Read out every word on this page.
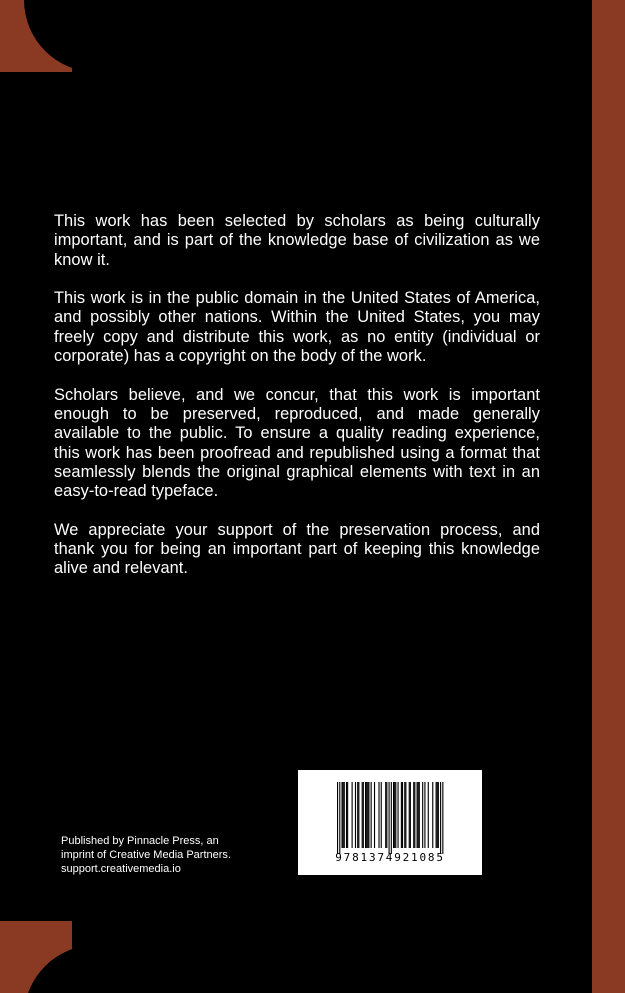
This work has been selected by scholars as being culturally important, and is part of the knowledge base of civilization as we know it.

This work is in the public domain in the United States of America, and possibly other nations. Within the United States, you may freely copy and distribute this work, as no entity (individual or corporate) has a copyright on the body of the work.

Scholars believe, and we concur, that this work is important enough to be preserved, reproduced, and made generally available to the public. To ensure a quality reading experience, this work has been proofread and republished using a format that seamlessly blends the original graphical elements with text in an easy-to-read typeface.

We appreciate your support of the preservation process, and thank you for being an important part of keeping this knowledge alive and relevant.

Published by Pinnacle Press, an
imprint of Creative Media Partners.
support.creativemedia.io
9781374921085
